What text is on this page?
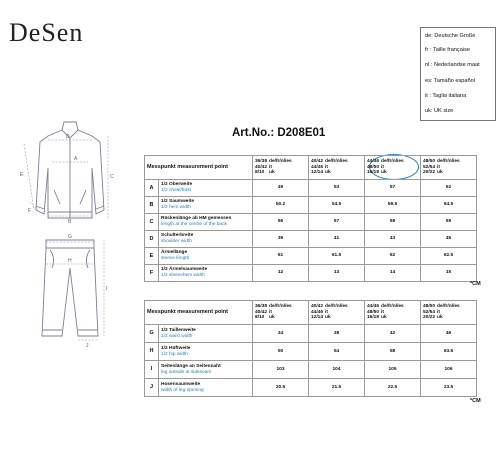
DeSen	de: Deutsche Große
fr : Taille française
nl : Nederlandse maat
es: Tamaño español
it : Taglia italiana
uk: UK size
Art.No.: D208E01
A
B
C
D
E
F
G
H
I
J
Messpunkt measurement point		36/38
40/42
8/10de/fr/nl/es
it
uk	40/42
44/46
12/14de/fr/nl/es
it
uk	44/46
48/50
16/18de/fr/nl/es
it
uk	48/50
52/54
20/22de/fr/nl/es
it
uk
A	1/2 Oberweite
1/2 chest/bust	49	53	57	62
B	1/2 Saumweite
1/2 hem width	50.2	54.5	59.5	64.5
C	Rückenlänge ab HM gemessen
length at the centre of the back	66	67	68	69
D	Schulterbreite
shoulder width	39	41	43	45
E	Ärmellänge
sleeve length	61	61.5	62	62.5
F	1/2 Ärmelsaumweite
1/2 sleevehem width	12	13	14	15
*CM
Messpunkt measurement point		36/38
40/42
8/10de/fr/nl/es
it
uk	40/42
44/46
12/14de/fr/nl/es
it
uk	44/46
48/50
16/18de/fr/nl/es
it
uk	48/50
52/54
20/22de/fr/nl/es
it
uk
G	1/2 Taillenweite
1/2 waist width	34	38	42	46
H	1/2 Hüftweite
1/2 hip width	50	54	58	63.5
I	Seitenlänge an Seitennaht
leg outside at sideseam	103	104	105	106
J	Hosensaumweite
width of leg opening	20.5	21.5	22.5	23.5
*CM
